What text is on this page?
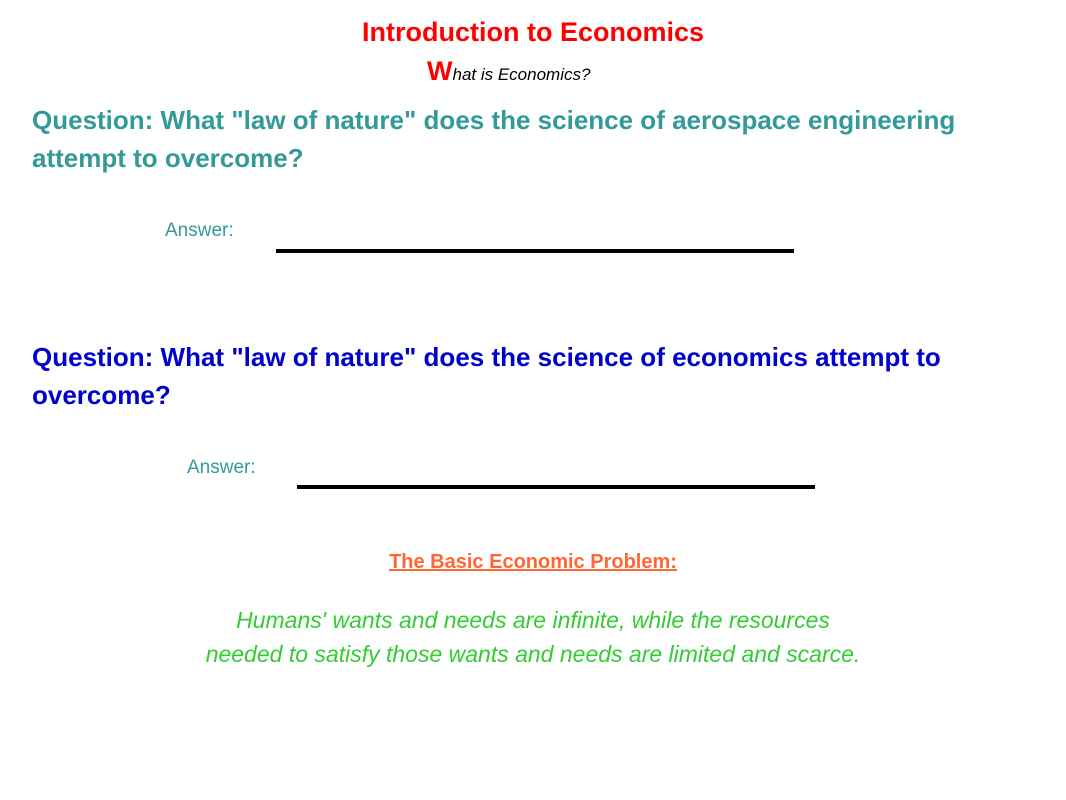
Introduction to Economics
What is Economics?
Question: What "law of nature" does the science of aerospace engineering attempt to overcome?
Answer:
Question: What "law of nature" does the science of economics attempt to overcome?
Answer:
The Basic Economic Problem:
Humans' wants and needs are infinite, while the resources
needed to satisfy those wants and needs are limited and scarce.
